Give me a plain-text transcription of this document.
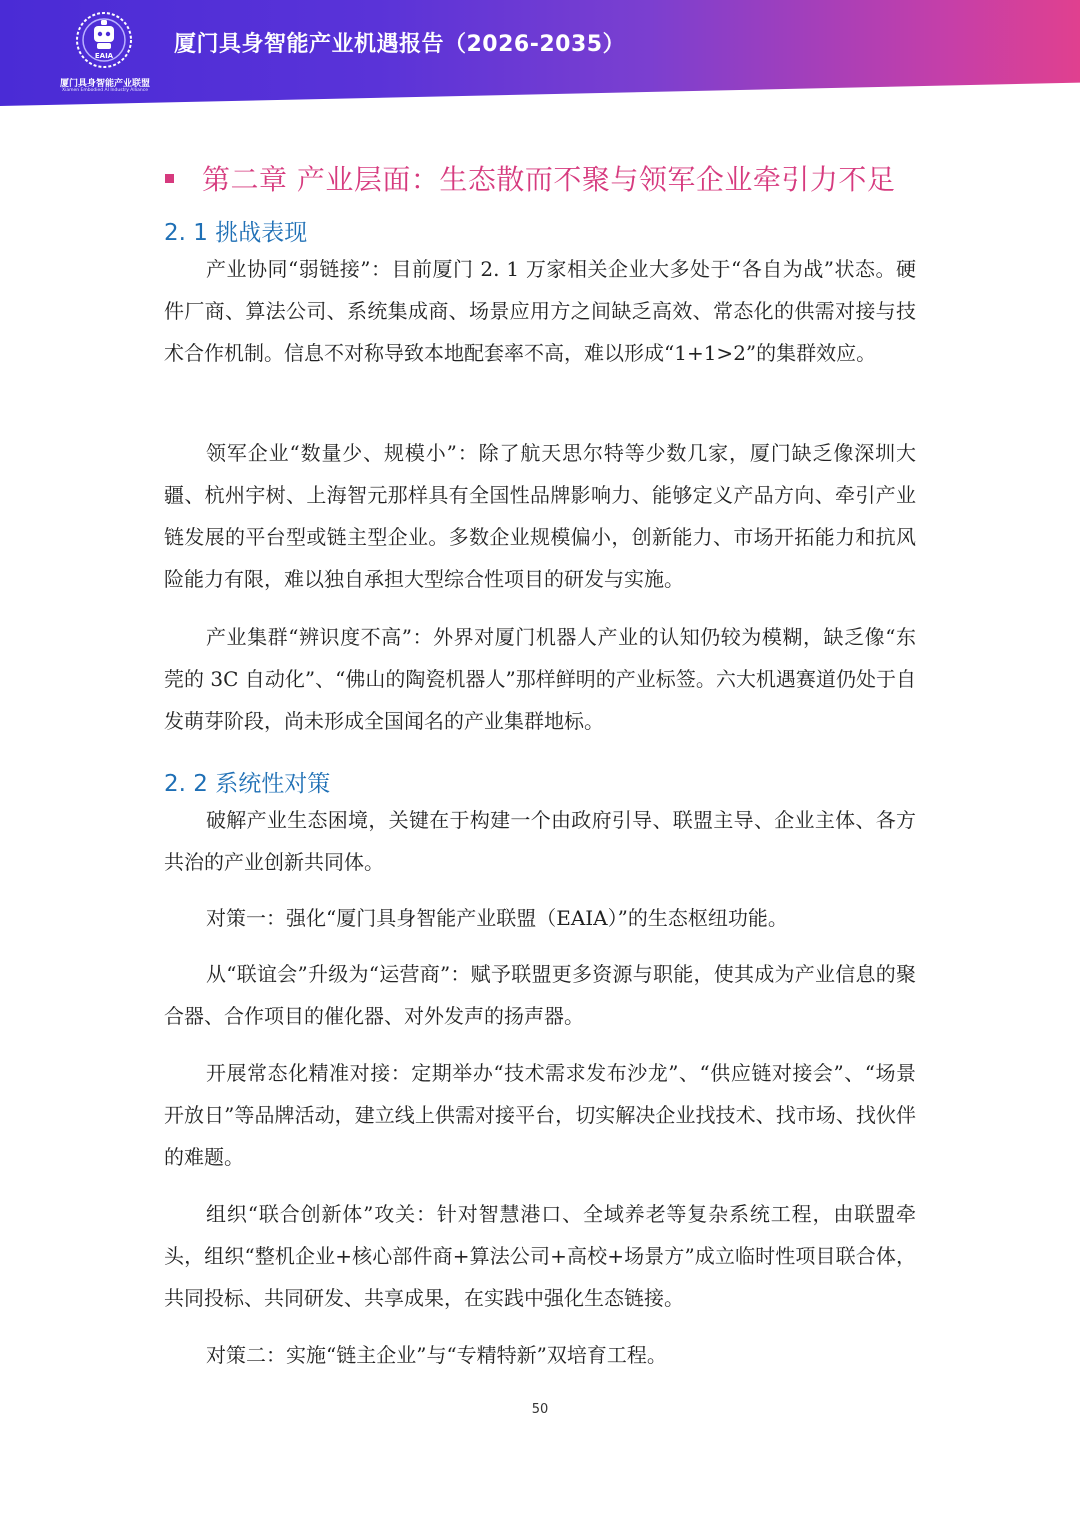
EAIA
厦门具身智能产业联盟
Xiamen Embodied AI Industry Alliance
厦门具身智能产业机遇报告（2026-2035）
第二章 产业层面：生态散而不聚与领军企业牵引力不足
2. 1 挑战表现

产业协同“弱链接”：目前厦门 2. 1 万家相关企业大多处于“各自为战”状态。硬件厂商、算法公司、系统集成商、场景应用方之间缺乏高效、常态化的供需对接与技术合作机制。信息不对称导致本地配套率不高，难以形成“1+1>2”的集群效应。

领军企业“数量少、规模小”：除了航天思尔特等少数几家，厦门缺乏像深圳大疆、杭州宇树、上海智元那样具有全国性品牌影响力、能够定义产品方向、牵引产业链发展的平台型或链主型企业。多数企业规模偏小，创新能力、市场开拓能力和抗风险能力有限，难以独自承担大型综合性项目的研发与实施。

产业集群“辨识度不高”：外界对厦门机器人产业的认知仍较为模糊，缺乏像“东莞的 3C 自动化”、“佛山的陶瓷机器人”那样鲜明的产业标签。六大机遇赛道仍处于自发萌芽阶段，尚未形成全国闻名的产业集群地标。

2. 2 系统性对策

破解产业生态困境，关键在于构建一个由政府引导、联盟主导、企业主体、各方共治的产业创新共同体。

对策一：强化“厦门具身智能产业联盟（EAIA）”的生态枢纽功能。

从“联谊会”升级为“运营商”：赋予联盟更多资源与职能，使其成为产业信息的聚合器、合作项目的催化器、对外发声的扬声器。

开展常态化精准对接：定期举办“技术需求发布沙龙”、“供应链对接会”、“场景开放日”等品牌活动，建立线上供需对接平台，切实解决企业找技术、找市场、找伙伴的难题。

组织“联合创新体”攻关：针对智慧港口、全域养老等复杂系统工程，由联盟牵头，组织“整机企业+核心部件商+算法公司+高校+场景方”成立临时性项目联合体，共同投标、共同研发、共享成果，在实践中强化生态链接。

对策二：实施“链主企业”与“专精特新”双培育工程。

50
